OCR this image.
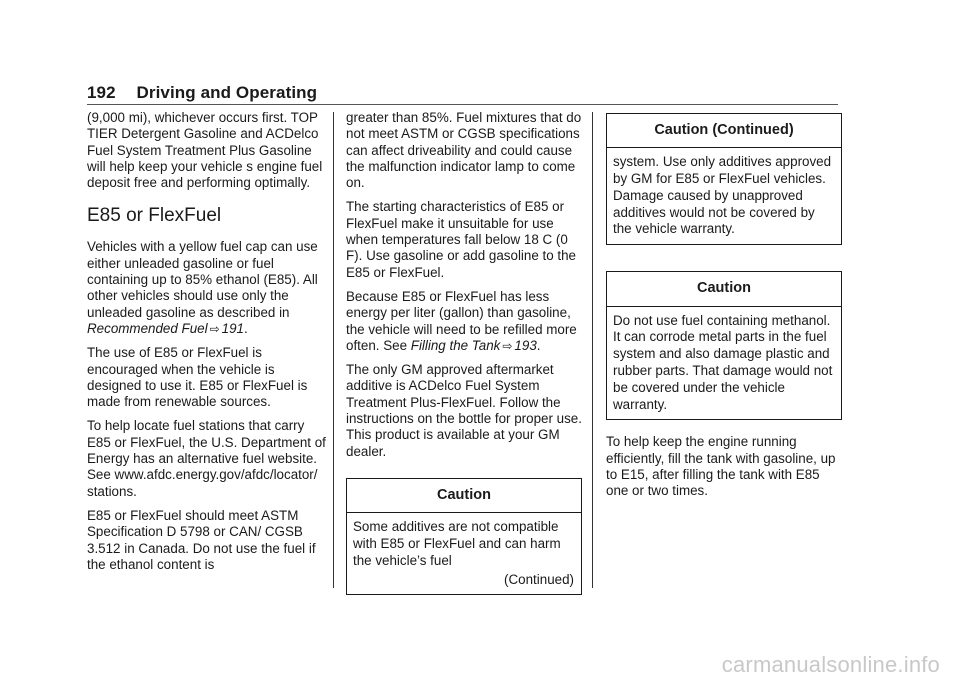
192 Driving and Operating

(9,000 mi), whichever occurs first. TOP TIER Detergent Gasoline and ACDelco Fuel System Treatment Plus Gasoline will help keep your vehicle s engine fuel deposit free and performing optimally.

E85 or FlexFuel

Vehicles with a yellow fuel cap can use either unleaded gasoline or fuel containing up to 85% ethanol (E85). All other vehicles should use only the unleaded gasoline as described in Recommended Fuel ⇨ 191.

The use of E85 or FlexFuel is encouraged when the vehicle is designed to use it. E85 or FlexFuel is made from renewable sources.

To help locate fuel stations that carry E85 or FlexFuel, the U.S. Department of Energy has an alternative fuel website. See www.afdc.energy.gov/afdc/locator/ stations.

E85 or FlexFuel should meet ASTM Specification D 5798 or CAN/ CGSB 3.512 in Canada. Do not use the fuel if the ethanol content is

greater than 85%. Fuel mixtures that do not meet ASTM or CGSB specifications can affect driveability and could cause the malfunction indicator lamp to come on.

The starting characteristics of E85 or FlexFuel make it unsuitable for use when temperatures fall below 18 C (0 F). Use gasoline or add gasoline to the E85 or FlexFuel.

Because E85 or FlexFuel has less energy per liter (gallon) than gasoline, the vehicle will need to be refilled more often. See Filling the Tank ⇨ 193.

The only GM approved aftermarket additive is ACDelco Fuel System Treatment Plus-FlexFuel. Follow the instructions on the bottle for proper use. This product is available at your GM dealer.

Caution
Some additives are not compatible with E85 or FlexFuel and can harm the vehicle’s fuel
(Continued)
Caution (Continued)
system. Use only additives approved by GM for E85 or FlexFuel vehicles. Damage caused by unapproved additives would not be covered by the vehicle warranty.
Caution
Do not use fuel containing methanol. It can corrode metal parts in the fuel system and also damage plastic and rubber parts. That damage would not be covered under the vehicle warranty.

To help keep the engine running efficiently, fill the tank with gasoline, up to E15, after filling the tank with E85 one or two times.

carmanualsonline.info
